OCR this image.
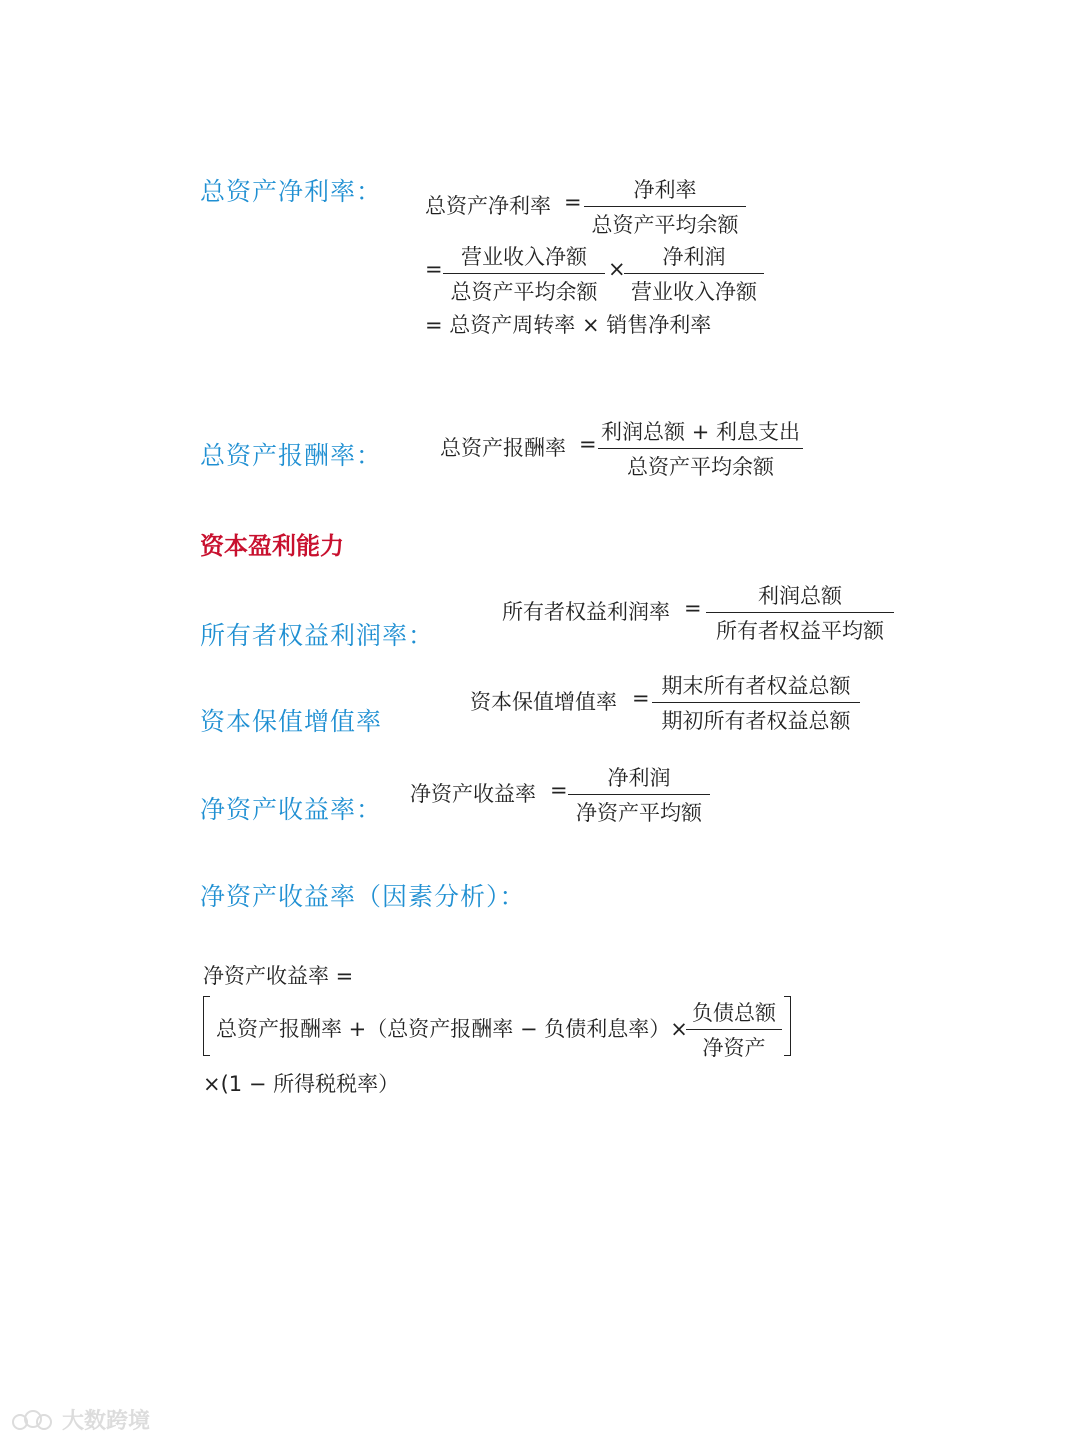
总资产净利率： 总资产净利率 =	净利率
总资产平均余额
= 营业收入净额
总资产平均余额
×	净利润
营业收入净额
= 总资产周转率 × 销售净利率
总资产报酬率：	总资产报酬率 = 利润总额 + 利息支出
总资产平均余额
资本盈利能力
所有者权益利润率：
所有者权益利润率 =	利润总额
所有者权益平均额
资本保值增值率
资本保值增值率 = 期末所有者权益总额
期初所有者权益总额
净资产收益率：
净资产收益率 =	净利润
净资产平均额
净资产收益率（因素分析）：
净资产收益率 =
总资产报酬率 +（总资产报酬率 − 负债利息率）×
负债总额
净资产
×(1 − 所得税税率）
大数跨境
